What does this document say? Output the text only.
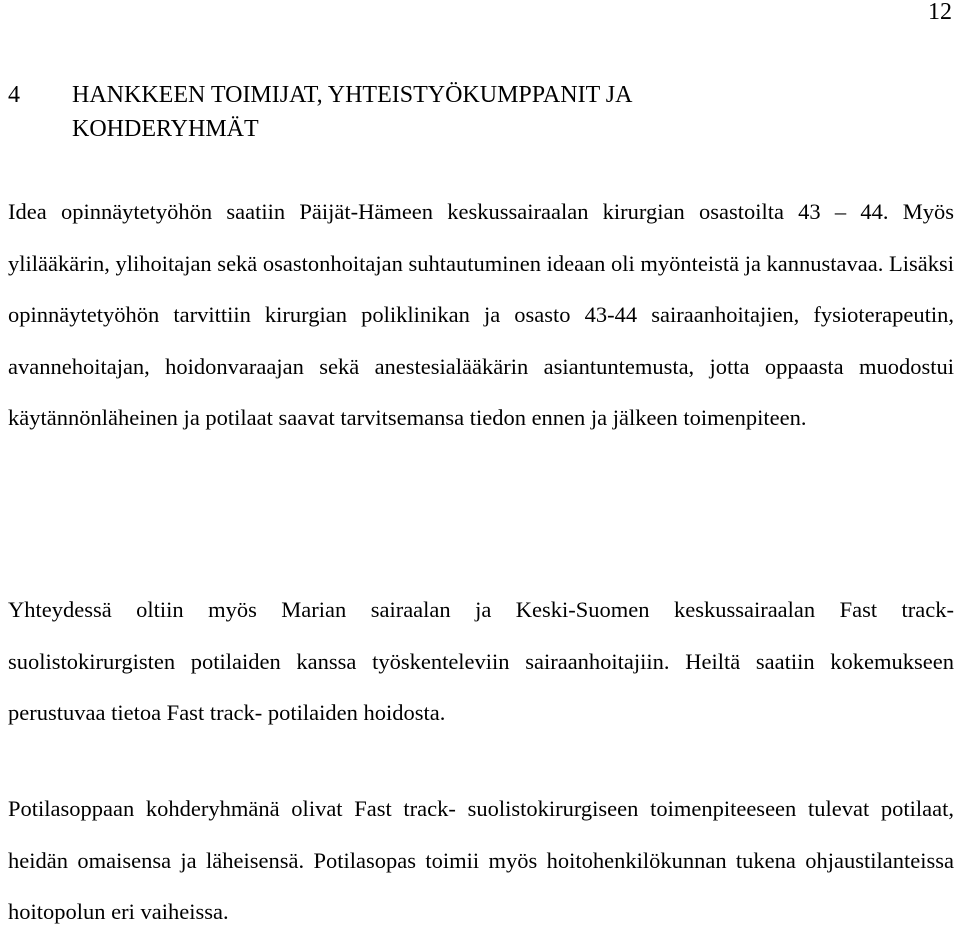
12
4	HANKKEEN TOIMIJAT, YHTEISTYÖKUMPPANIT JA KOHDERYHMÄT

Idea opinnäytetyöhön saatiin Päijät-Hämeen keskussairaalan kirurgian osastoilta 43 – 44. Myös ylilääkärin, ylihoitajan sekä osastonhoitajan suhtautuminen ideaan oli myönteistä ja kannustavaa. Lisäksi opinnäytetyöhön tarvittiin kirurgian poliklinikan ja osasto 43-44 sairaanhoitajien, fysioterapeutin, avannehoitajan, hoidonvaraajan sekä anestesialääkärin asiantuntemusta, jotta oppaasta muodostui käytännönläheinen ja potilaat saavat tarvitsemansa tiedon ennen ja jälkeen toimenpiteen.

Yhteydessä oltiin myös Marian sairaalan ja Keski-Suomen keskussairaalan Fast track- suolistokirurgisten potilaiden kanssa työskenteleviin sairaanhoitajiin. Heiltä saatiin kokemukseen perustuvaa tietoa Fast track- potilaiden hoidosta.

Potilasoppaan kohderyhmänä olivat Fast track- suolistokirurgiseen toimenpiteeseen tulevat potilaat, heidän omaisensa ja läheisensä. Potilasopas toimii myös hoitohenkilökunnan tukena ohjaustilanteissa hoitopolun eri vaiheissa.
